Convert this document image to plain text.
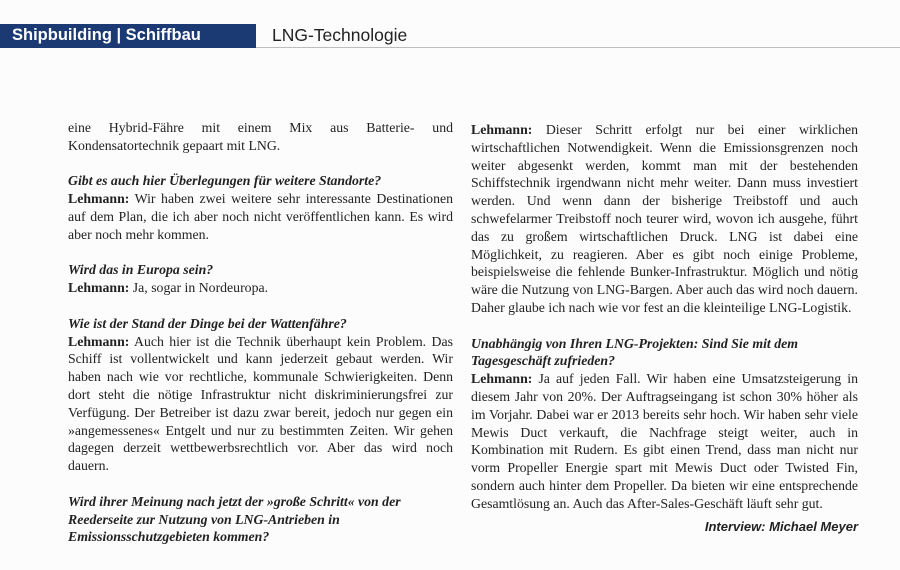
Shipbuilding | Schiffbau	LNG-Technologie

eine Hybrid-Fähre mit einem Mix aus Batterie- und Kondensatortechnik gepaart mit LNG.

Gibt es auch hier Überlegungen für weitere Standorte?
Lehmann: Wir haben zwei weitere sehr interessante Destinationen auf dem Plan, die ich aber noch nicht veröffentlichen kann. Es wird aber noch mehr kommen.

Wird das in Europa sein?
Lehmann: Ja, sogar in Nordeuropa.

Wie ist der Stand der Dinge bei der Wattenfähre?
Lehmann: Auch hier ist die Technik überhaupt kein Problem. Das Schiff ist vollentwickelt und kann jederzeit gebaut werden. Wir haben nach wie vor rechtliche, kommunale Schwierigkeiten. Denn dort steht die nötige Infrastruktur nicht diskriminierungsfrei zur Verfügung. Der Betreiber ist dazu zwar bereit, jedoch nur gegen ein »angemessenes« Entgelt und nur zu bestimmten Zeiten. Wir gehen dagegen derzeit wettbewerbsrechtlich vor. Aber das wird noch dauern.

Wird ihrer Meinung nach jetzt der »große Schritt« von der Reederseite zur Nutzung von LNG-Antrieben in Emissionsschutzgebieten kommen?

Lehmann: Dieser Schritt erfolgt nur bei einer wirklichen wirtschaftlichen Notwendigkeit. Wenn die Emissionsgrenzen noch weiter abgesenkt werden, kommt man mit der bestehenden Schiffstechnik irgendwann nicht mehr weiter. Dann muss investiert werden. Und wenn dann der bisherige Treibstoff und auch schwefelarmer Treibstoff noch teurer wird, wovon ich ausgehe, führt das zu großem wirtschaftlichen Druck. LNG ist dabei eine Möglichkeit, zu reagieren. Aber es gibt noch einige Probleme, beispielsweise die fehlende Bunker-Infrastruktur. Möglich und nötig wäre die Nutzung von LNG-Bargen. Aber auch das wird noch dauern. Daher glaube ich nach wie vor fest an die kleinteilige LNG-Logistik.

Unabhängig von Ihren LNG-Projekten: Sind Sie mit dem Tagesgeschäft zufrieden?
Lehmann: Ja auf jeden Fall. Wir haben eine Umsatzsteigerung in diesem Jahr von 20%. Der Auftragseingang ist schon 30% höher als im Vorjahr. Dabei war er 2013 bereits sehr hoch. Wir haben sehr viele Mewis Duct verkauft, die Nachfrage steigt weiter, auch in Kombination mit Rudern. Es gibt einen Trend, dass man nicht nur vorm Propeller Energie spart mit Mewis Duct oder Twisted Fin, sondern auch hinter dem Propeller. Da bieten wir eine entsprechende Gesamtlösung an. Auch das After-Sales-Geschäft läuft sehr gut.

Interview: Michael Meyer
